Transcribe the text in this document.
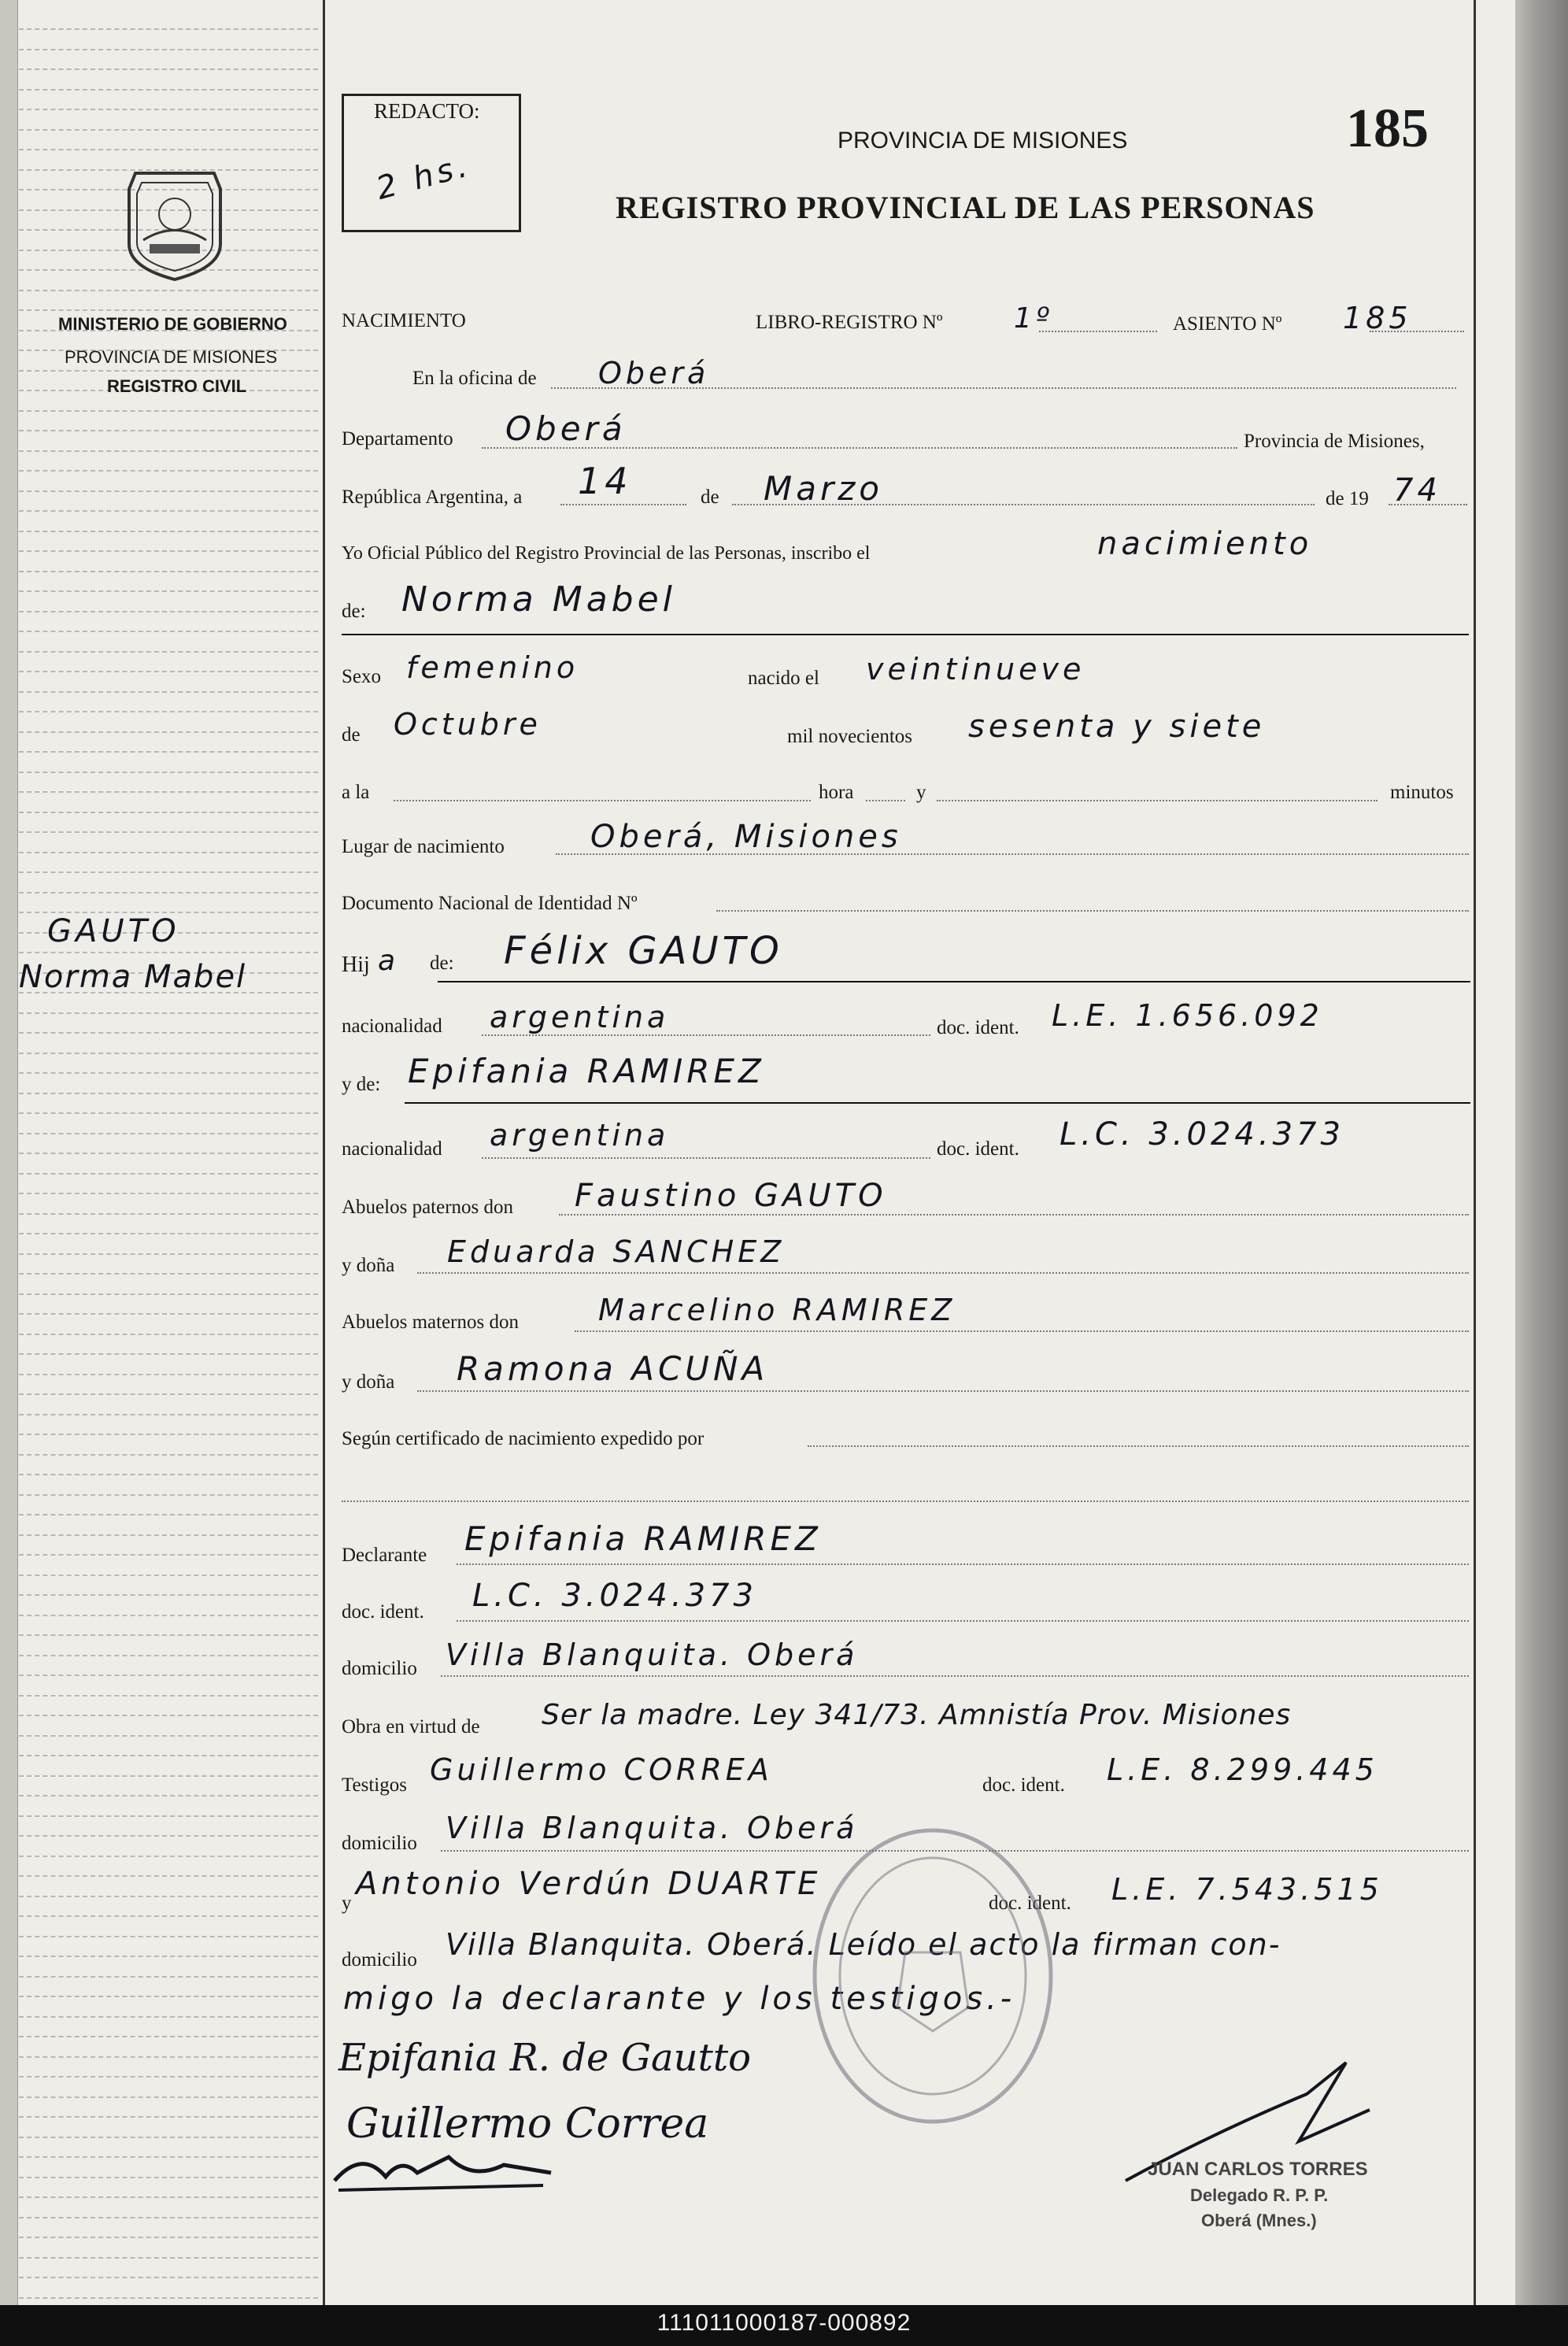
MINISTERIO DE GOBIERNO
PROVINCIA DE MISIONES
REGISTRO CIVIL
GAUTO
Norma Mabel
REDACTO:
2 hs.
185
PROVINCIA DE MISIONES
REGISTRO PROVINCIAL DE LAS PERSONAS
NACIMIENTO	LIBRO-REGISTRO Nº	1º	ASIENTO Nº 185
En la oficina de Oberá
Departamento Oberá	Provincia de Misiones,
República Argentina, a 14	de Marzo	de 19 74
Yo Oficial Público del Registro Provincial de las Personas, inscribo el	nacimiento
de: Norma Mabel
Sexo femenino	nacido el veintinueve
de Octubre	mil novecientos sesenta y siete
a la	hora	y	minutos
Lugar de nacimiento	Oberá, Misiones
Documento Nacional de Identidad Nº
Hij a de: Félix GAUTO
nacionalidad argentina	doc. ident. L.E. 1.656.092
y de: Epifania RAMIREZ
nacionalidad argentina	doc. ident. L.C. 3.024.373
Abuelos paternos don Faustino GAUTO
y doña Eduarda SANCHEZ
Abuelos maternos don	Marcelino RAMIREZ
y doña Ramona ACUÑA
Según certificado de nacimiento expedido por
Declarante Epifania RAMIREZ
doc. ident. L.C. 3.024.373
domicilio Villa Blanquita. Oberá
Obra en virtud de Ser la madre. Ley 341/73. Amnistía Prov. Misiones
Testigos Guillermo CORREA	doc. ident. L.E. 8.299.445
domicilio Villa Blanquita. Oberá
y
Antonio Verdún DUARTE
doc. ident. L.E. 7.543.515
domicilio Villa Blanquita. Oberá. Leído el acto la firman con-
migo la declarante y los testigos.-
Epifania R. de Gautto
Guillermo Correa
JUAN CARLOS TORRES
Delegado R. P. P.
Oberá (Mnes.)
111011000187-000892
